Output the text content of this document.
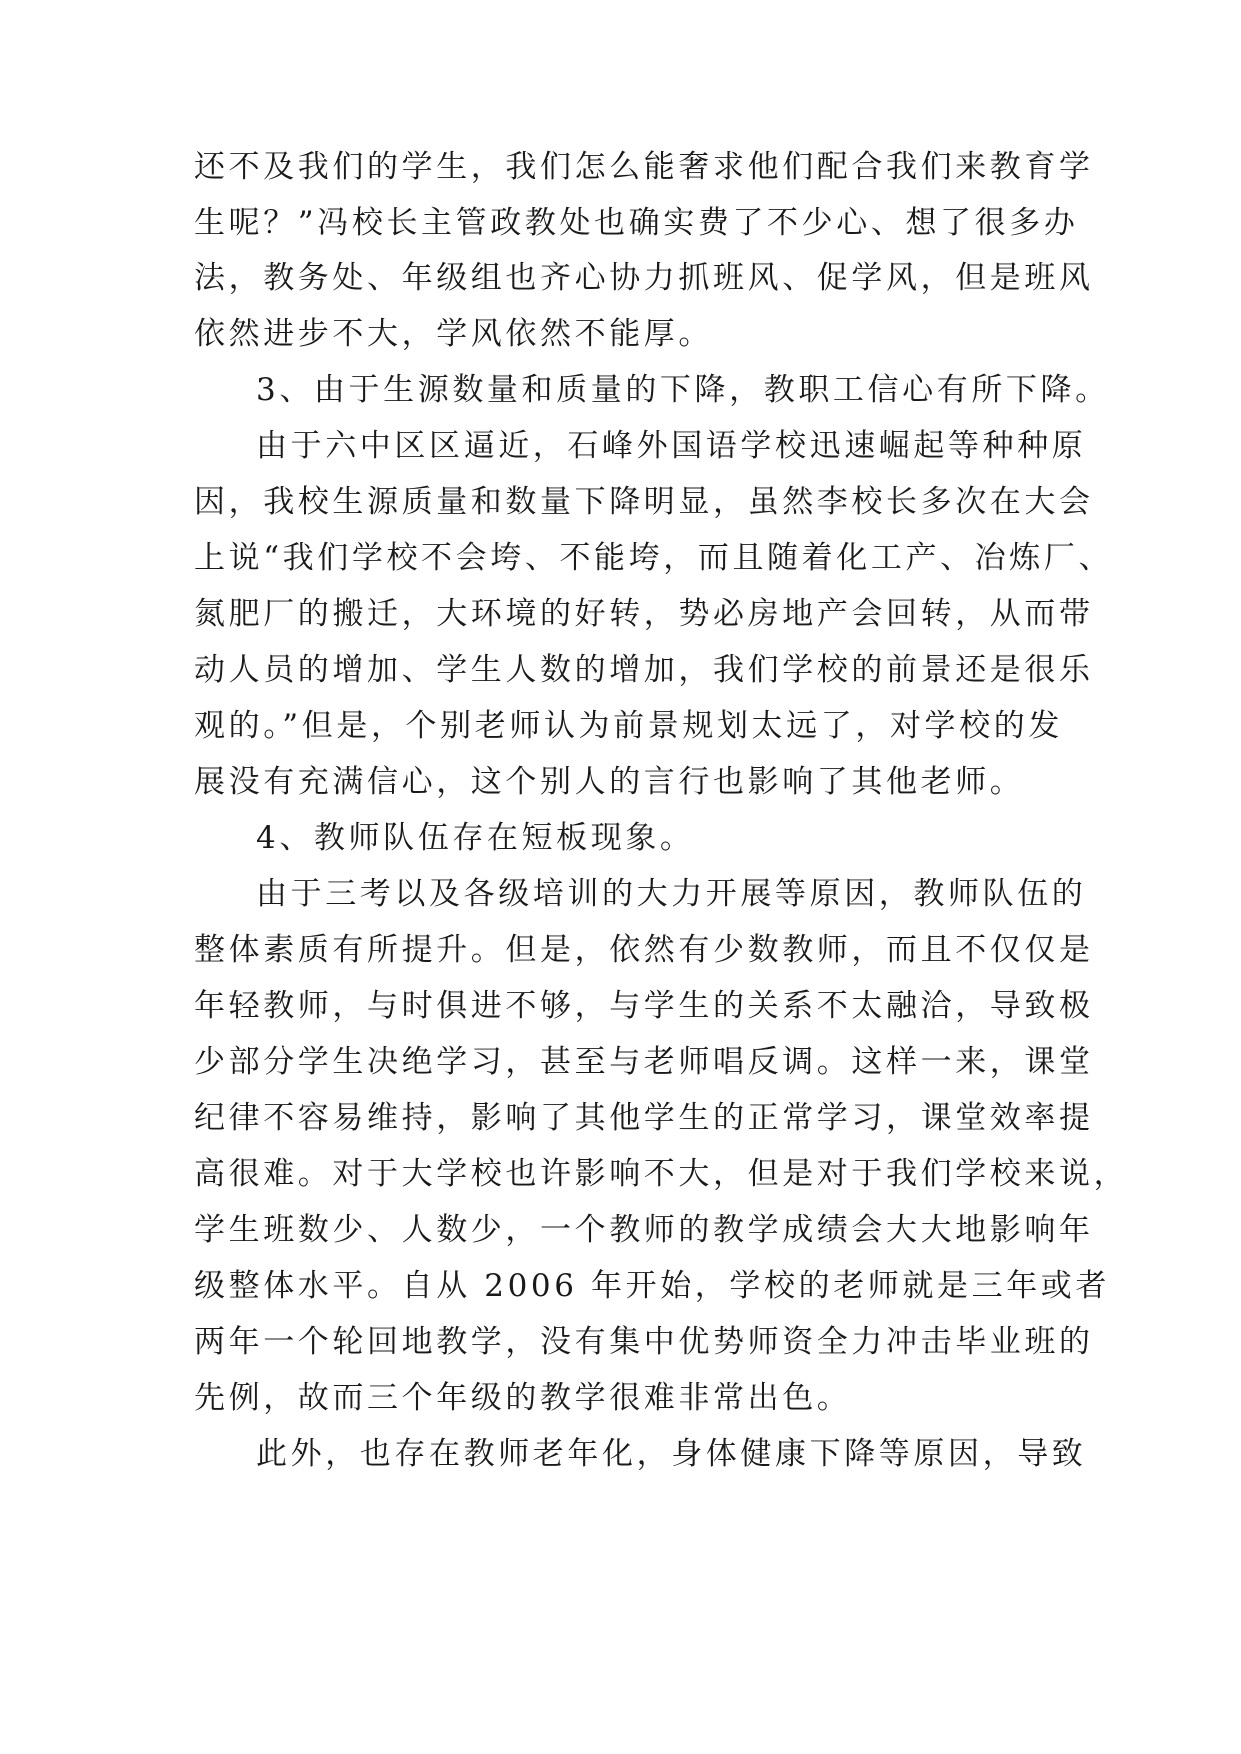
还不及我们的学生，我们怎么能奢求他们配合我们来教育学
生呢？”冯校长主管政教处也确实费了不少心、想了很多办
法，教务处、年级组也齐心协力抓班风、促学风，但是班风
依然进步不大，学风依然不能厚。
3、由于生源数量和质量的下降，教职工信心有所下降。
由于六中区区逼近，石峰外国语学校迅速崛起等种种原
因，我校生源质量和数量下降明显，虽然李校长多次在大会
上说“我们学校不会垮、不能垮，而且随着化工产、冶炼厂、
氮肥厂的搬迁，大环境的好转，势必房地产会回转，从而带
动人员的增加、学生人数的增加，我们学校的前景还是很乐
观的。”但是，个别老师认为前景规划太远了，对学校的发
展没有充满信心，这个别人的言行也影响了其他老师。
4、教师队伍存在短板现象。
由于三考以及各级培训的大力开展等原因，教师队伍的
整体素质有所提升。但是，依然有少数教师，而且不仅仅是
年轻教师，与时俱进不够，与学生的关系不太融洽，导致极
少部分学生决绝学习，甚至与老师唱反调。这样一来，课堂
纪律不容易维持，影响了其他学生的正常学习，课堂效率提
高很难。对于大学校也许影响不大，但是对于我们学校来说，
学生班数少、人数少，一个教师的教学成绩会大大地影响年
级整体水平。自从 2006 年开始，学校的老师就是三年或者
两年一个轮回地教学，没有集中优势师资全力冲击毕业班的
先例，故而三个年级的教学很难非常出色。
此外，也存在教师老年化，身体健康下降等原因，导致
